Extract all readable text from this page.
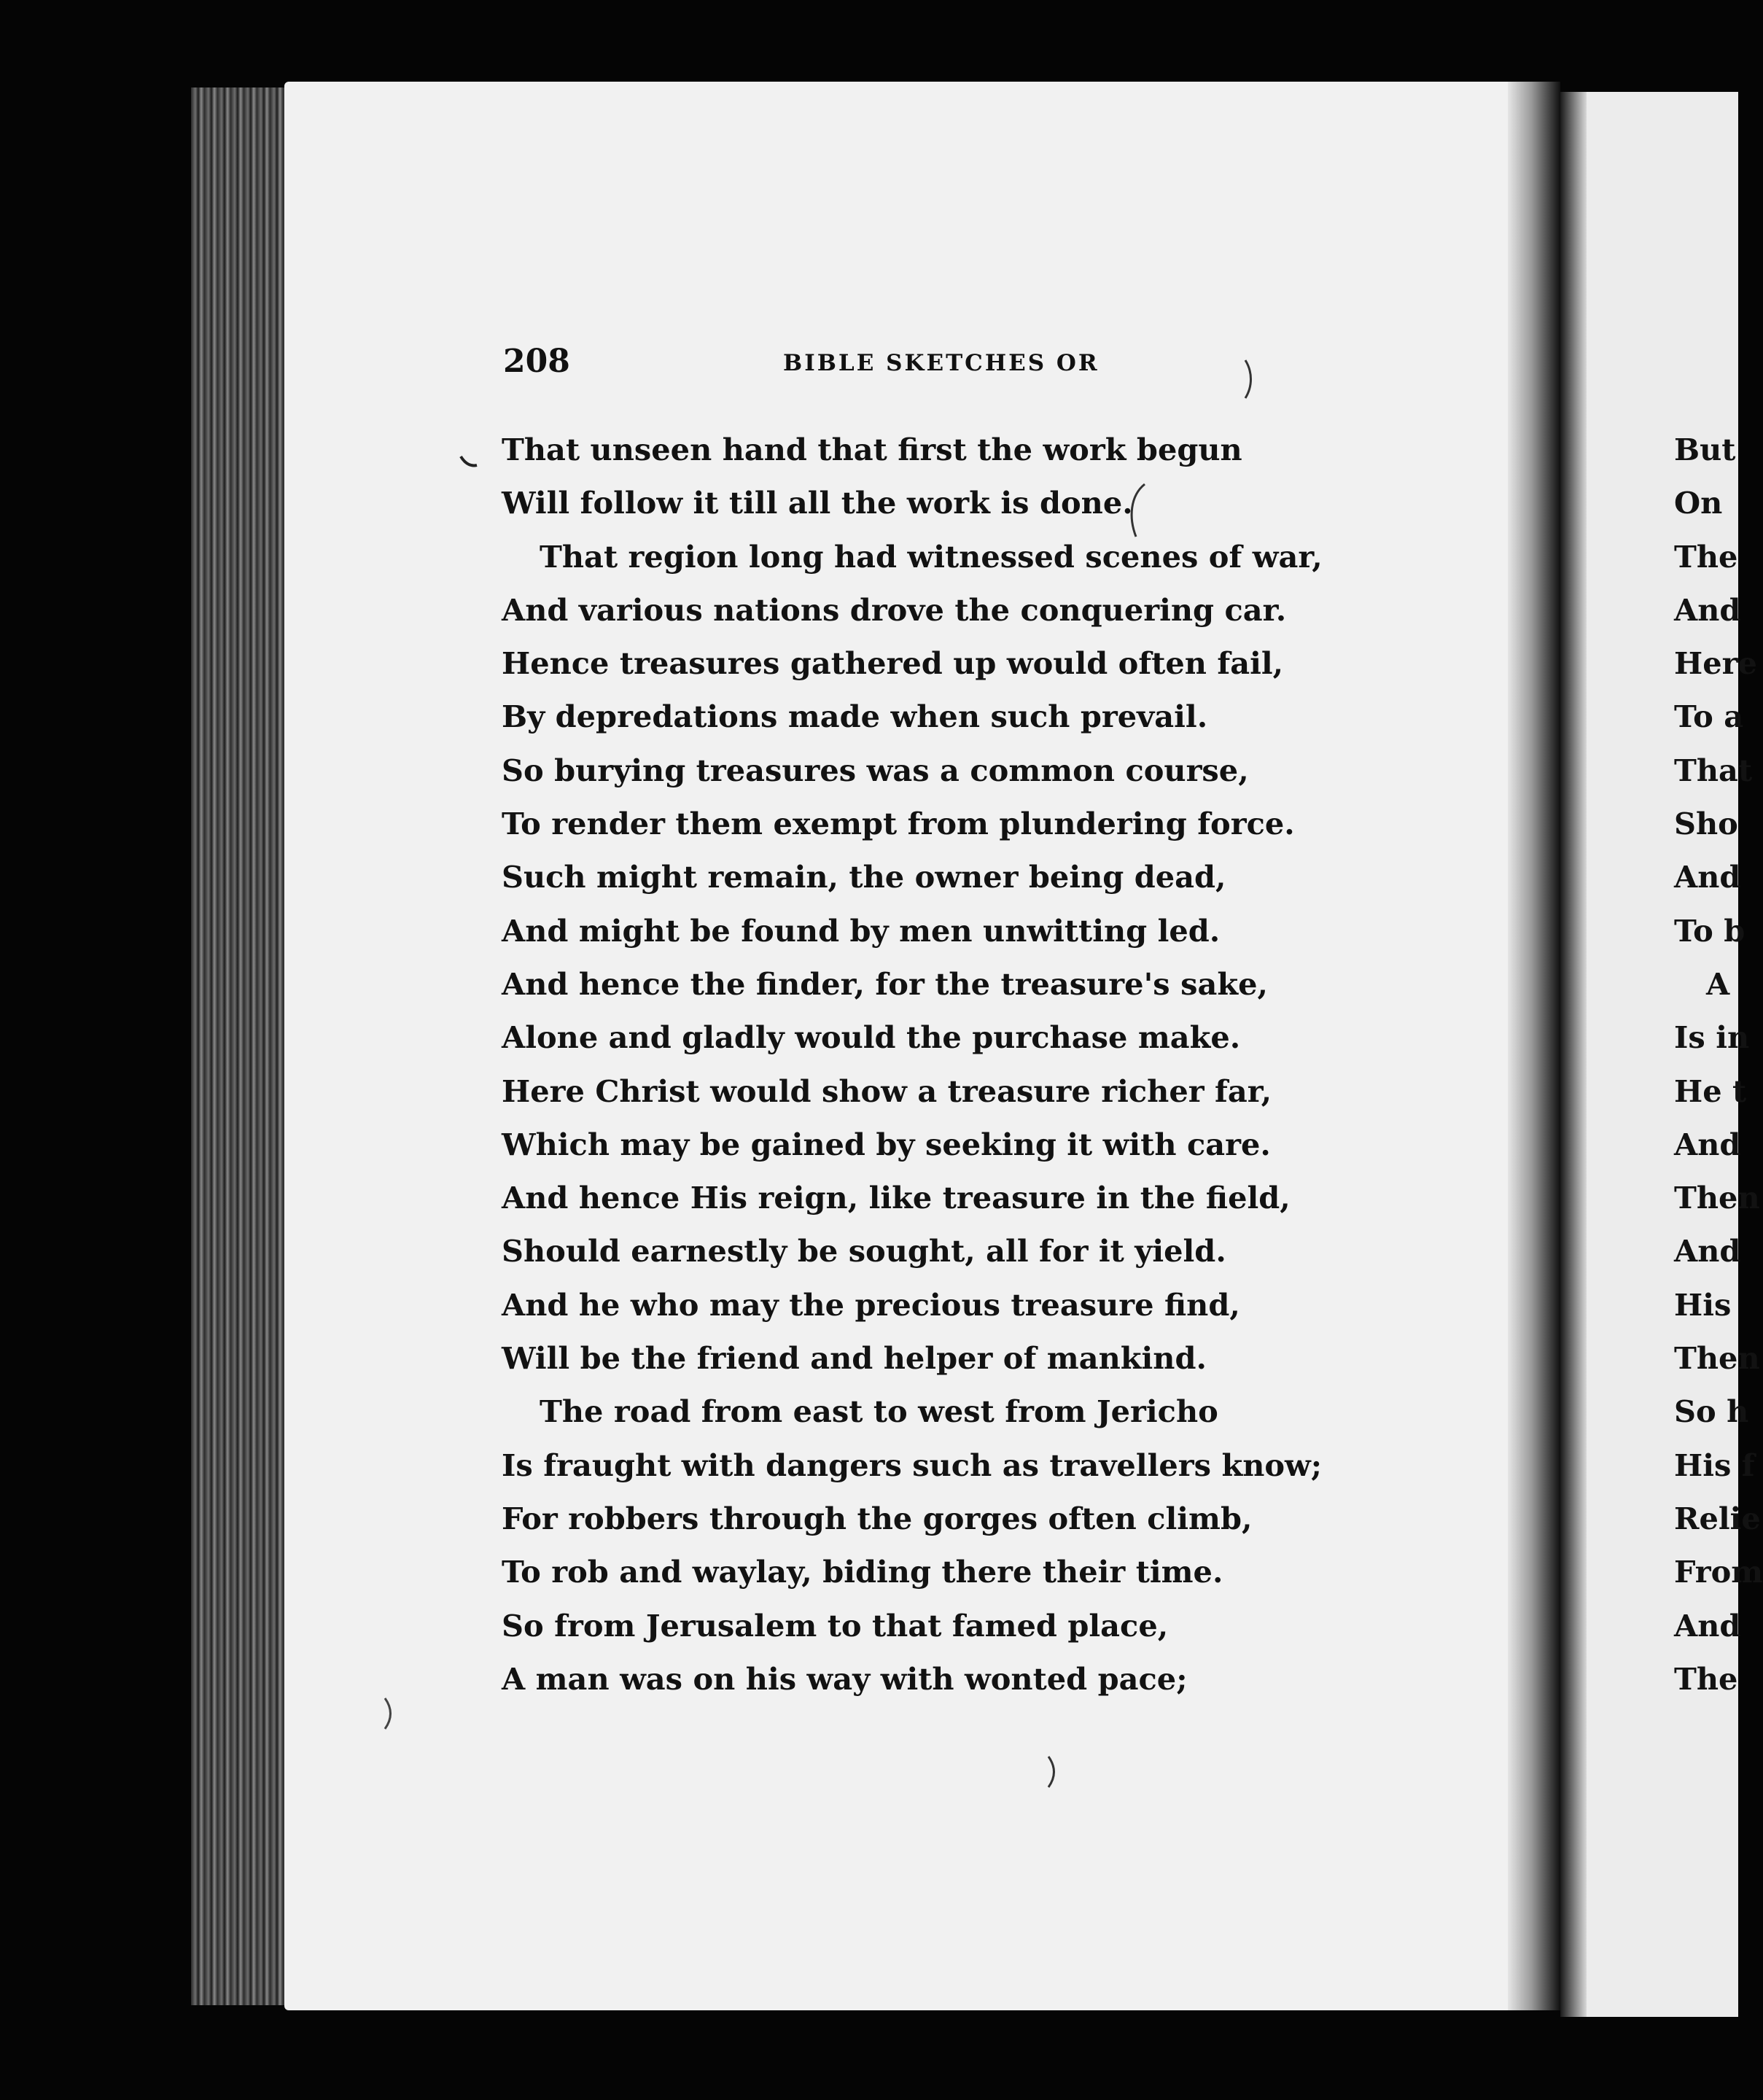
208	BIBLE SKETCHES OR
That unseen hand that first the work begun
Will follow it till all the work is done.
That region long had witnessed scenes of war,
And various nations drove the conquering car.
Hence treasures gathered up would often fail,
By depredations made when such prevail.
So burying treasures was a common course,
To render them exempt from plundering force.
Such might remain, the owner being dead,
And might be found by men unwitting led.
And hence the finder, for the treasure's sake,
Alone and gladly would the purchase make.
Here Christ would show a treasure richer far,
Which may be gained by seeking it with care.
And hence His reign, like treasure in the field,
Should earnestly be sought, all for it yield.
And he who may the precious treasure find,
Will be the friend and helper of mankind.
The road from east to west from Jericho
Is fraught with dangers such as travellers know;
For robbers through the gorges often climb,
To rob and waylay, biding there their time.
So from Jerusalem to that famed place,
A man was on his way with wonted pace;
But
On
The
And
Here
To a
That
Sho
And
To b
A
Is in
He t
And
Then
And
His
Then
So h
His f
Relie
From
And
The
